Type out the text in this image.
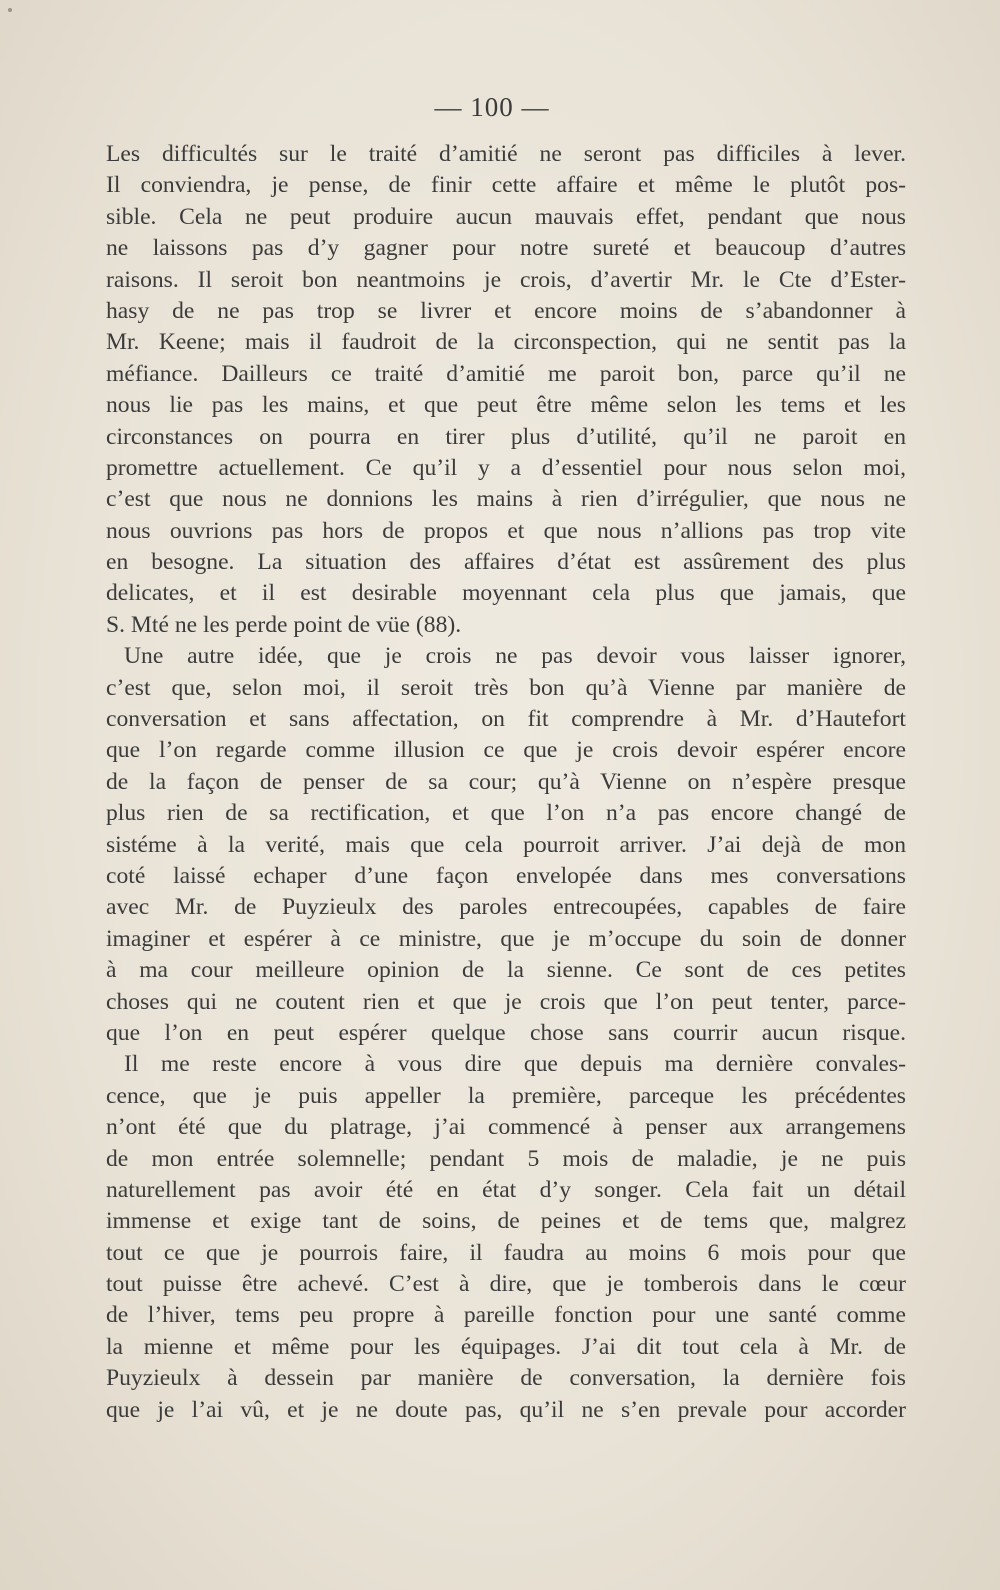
— 100 —
Les difficultés sur le traité d’amitié ne seront pas difficiles à lever.
Il conviendra, je pense, de finir cette affaire et même le plutôt pos-
sible. Cela ne peut produire aucun mauvais effet, pendant que nous
ne laissons pas d’y gagner pour notre sureté et beaucoup d’autres
raisons. Il seroit bon neantmoins je crois, d’avertir Mr. le Cte d’Ester-
hasy de ne pas trop se livrer et encore moins de s’abandonner à
Mr. Keene; mais il faudroit de la circonspection, qui ne sentit pas la
méfiance. Dailleurs ce traité d’amitié me paroit bon, parce qu’il ne
nous lie pas les mains, et que peut être même selon les tems et les
circonstances on pourra en tirer plus d’utilité, qu’il ne paroit en
promettre actuellement. Ce qu’il y a d’essentiel pour nous selon moi,
c’est que nous ne donnions les mains à rien d’irrégulier, que nous ne
nous ouvrions pas hors de propos et que nous n’allions pas trop vite
en besogne. La situation des affaires d’état est assûrement des plus
delicates, et il est desirable moyennant cela plus que jamais, que
S. Mté ne les perde point de vüe (88).
Une autre idée, que je crois ne pas devoir vous laisser ignorer,
c’est que, selon moi, il seroit très bon qu’à Vienne par manière de
conversation et sans affectation, on fit comprendre à Mr. d’Hautefort
que l’on regarde comme illusion ce que je crois devoir espérer encore
de la façon de penser de sa cour; qu’à Vienne on n’espère presque
plus rien de sa rectification, et que l’on n’a pas encore changé de
sistéme à la verité, mais que cela pourroit arriver. J’ai dejà de mon
coté laissé echaper d’une façon envelopée dans mes conversations
avec Mr. de Puyzieulx des paroles entrecoupées, capables de faire
imaginer et espérer à ce ministre, que je m’occupe du soin de donner
à ma cour meilleure opinion de la sienne. Ce sont de ces petites
choses qui ne coutent rien et que je crois que l’on peut tenter, parce-
que l’on en peut espérer quelque chose sans courrir aucun risque.
Il me reste encore à vous dire que depuis ma dernière convales-
cence, que je puis appeller la première, parceque les précédentes
n’ont été que du platrage, j’ai commencé à penser aux arrangemens
de mon entrée solemnelle; pendant 5 mois de maladie, je ne puis
naturellement pas avoir été en état d’y songer. Cela fait un détail
immense et exige tant de soins, de peines et de tems que, malgrez
tout ce que je pourrois faire, il faudra au moins 6 mois pour que
tout puisse être achevé. C’est à dire, que je tomberois dans le cœur
de l’hiver, tems peu propre à pareille fonction pour une santé comme
la mienne et même pour les équipages. J’ai dit tout cela à Mr. de
Puyzieulx à dessein par manière de conversation, la dernière fois
que je l’ai vû, et je ne doute pas, qu’il ne s’en prevale pour accorder
